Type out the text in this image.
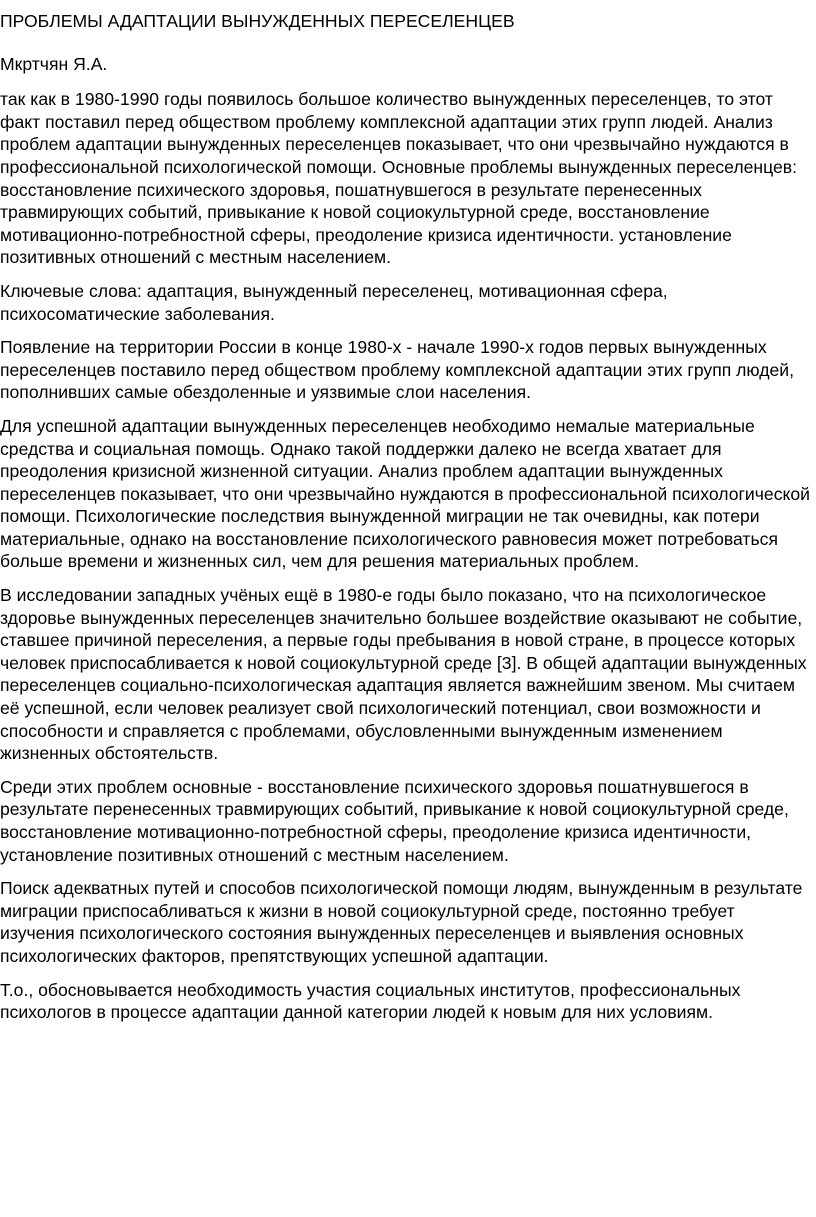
ПРОБЛЕМЫ АДАПТАЦИИ ВЫНУЖДЕННЫХ ПЕРЕСЕЛЕНЦЕВ

Мкртчян Я.А.

так как в 1980-1990 годы появилось большое количество вынужденных переселенцев, то этот факт поставил перед обществом проблему комплексной адаптации этих групп людей. Анализ проблем адаптации вынужденных переселенцев показывает, что они чрезвычайно нуждаются в профессиональной психологической помощи. Основные проблемы вынужденных переселенцев: восстановление психического здоровья, пошатнувшегося в результате перенесенных травмирующих событий, привыкание к новой социокультурной среде, восстановление мотивационно-потребностной сферы, преодоление кризиса идентичности. установление позитивных отношений с местным населением.

Ключевые слова: адаптация, вынужденный переселенец, мотивационная сфера, психосоматические заболевания.

Появление на территории России в конце 1980-х - начале 1990-х годов первых вынужденных переселенцев поставило перед обществом проблему комплексной адаптации этих групп людей, пополнивших самые обездоленные и уязвимые слои населения.

Для успешной адаптации вынужденных переселенцев необходимо немалые материальные средства и социальная помощь. Однако такой поддержки далеко не всегда хватает для преодоления кризисной жизненной ситуации. Анализ проблем адаптации вынужденных переселенцев показывает, что они чрезвычайно нуждаются в профессиональной психологической помощи. Психологические последствия вынужденной миграции не так очевидны, как потери материальные, однако на восстановление психологического равновесия может потребоваться больше времени и жизненных сил, чем для решения материальных проблем.

В исследовании западных учёных ещё в 1980-е годы было показано, что на психологическое здоровье вынужденных переселенцев значительно большее воздействие оказывают не событие, ставшее причиной переселения, а первые годы пребывания в новой стране, в процессе которых человек приспосабливается к новой социокультурной среде [3]. В общей адаптации вынужденных переселенцев социально-психологическая адаптация является важнейшим звеном. Мы считаем её успешной, если человек реализует свой психологический потенциал, свои возможности и способности и справляется с проблемами, обусловленными вынужденным изменением жизненных обстоятельств.

Среди этих проблем основные - восстановление психического здоровья пошатнувшегося в результате перенесенных травмирующих событий, привыкание к новой социокультурной среде, восстановление мотивационно-потребностной сферы, преодоление кризиса идентичности, установление позитивных отношений с местным населением.

Поиск адекватных путей и способов психологической помощи людям, вынужденным в результате миграции приспосабливаться к жизни в новой социокультурной среде, постоянно требует изучения психологического состояния вынужденных переселенцев и выявления основных психологических факторов, препятствующих успешной адаптации.

Т.о., обосновывается необходимость участия социальных институтов, профессиональных психологов в процессе адаптации данной категории людей к новым для них условиям.
